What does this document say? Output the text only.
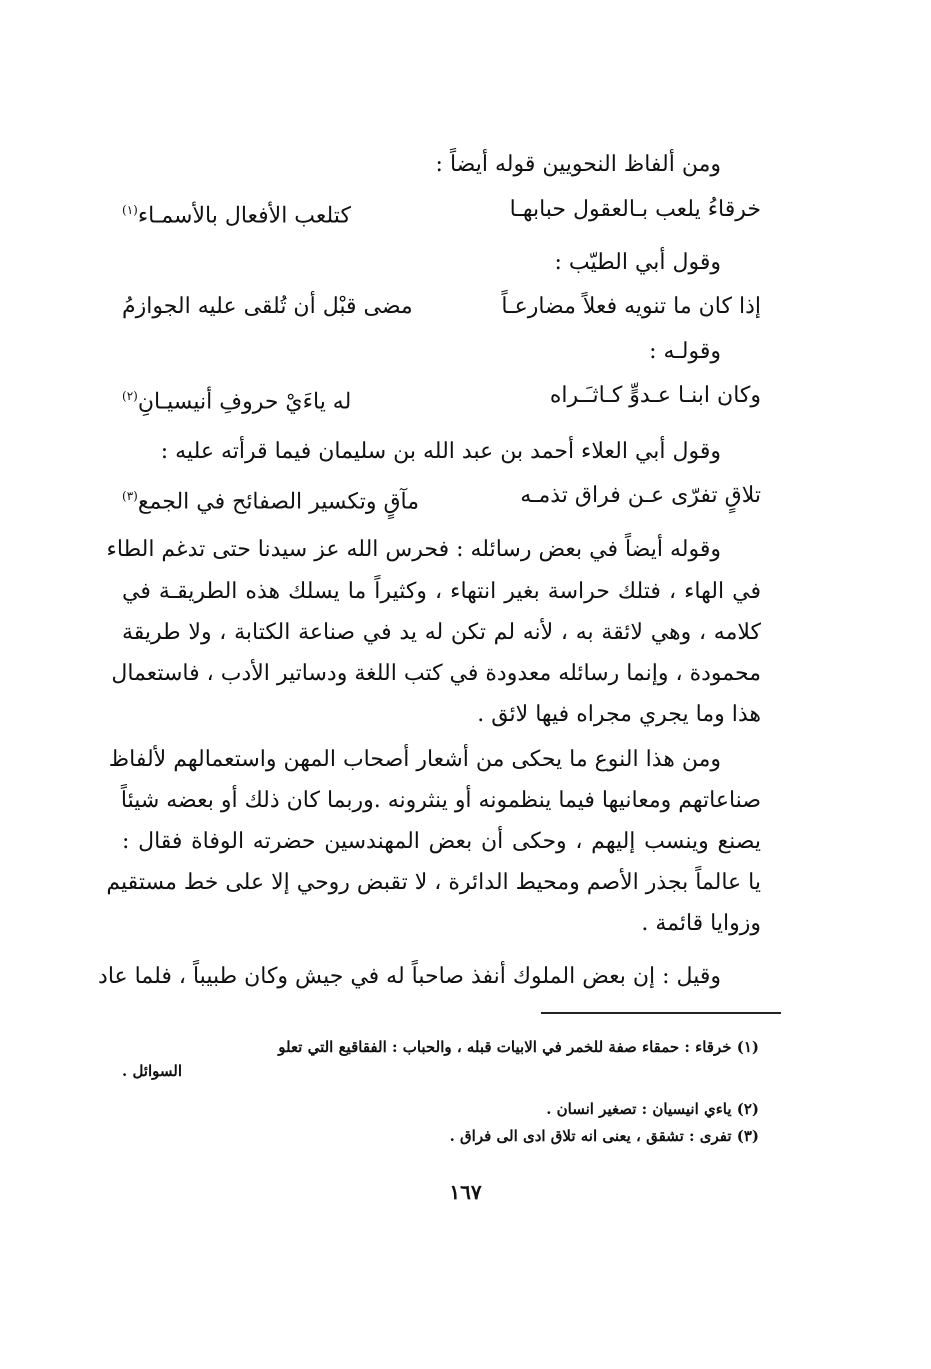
ومن ألفاظ النحويين قوله أيضاً :
خرقاءُ يلعب بـالعقول حبابهـا
كتلعب الأفعال بالأسمـاء$^{(١)}$
وقول أبي الطيّب :
إذا كان ما تنويه فعلاً مضارعـاً
مضى قبْل أن تُلقى عليه الجوازمُ
وقولـه :
وكان ابنـا عـدوٍّ كـاثـَـراه
له ياءَيْ حروفِ أنيسيـانِ$^{(٢)}$
وقول أبي العلاء أحمد بن عبد الله بن سليمان فيما قرأته عليه :
تلاقٍ تفرّى عـن فراق تذمـه
مآقٍ وتكسير الصفائح في الجمع$^{(٣)}$
وقوله أيضاً في بعض رسائله : فحرس الله عز سيدنا حتى تدغم الطاء
في الهاء ، فتلك حراسة بغير انتهاء ، وكثيراً ما يسلك هذه الطريقـة في
كلامه ، وهي لائقة به ، لأنه لم تكن له يد في صناعة الكتابة ، ولا طريقة
محمودة ، وإنما رسائله معدودة في كتب اللغة ودساتير الأدب ، فاستعمال
هذا وما يجري مجراه فيها لائق .
ومن هذا النوع ما يحكى من أشعار أصحاب المهن واستعمالهم لألفاظ
صناعاتهم ومعانيها فيما ينظمونه أو ينثرونه .وربما كان ذلك أو بعضه شيئاً
يصنع وينسب إليهم ، وحكى أن بعض المهندسين حضرته الوفاة فقال :
يا عالماً بجذر الأصم ومحيط الدائرة ، لا تقبض روحي إلا على خط مستقيم
وزوايا قائمة .
وقيل : إن بعض الملوك أنفذ صاحباً له في جيش وكان طبيباً ، فلما عاد
(١) خرقاء : حمقاء صفة للخمر في الابيات قبله ، والحباب : الفقاقيع التي تعلو
السوائل .
(٢) ياءي انيسيان : تصغير انسان .
(٣) تفرى : تشقق ، يعنى انه تلاق ادى الى فراق .
١٦٧
